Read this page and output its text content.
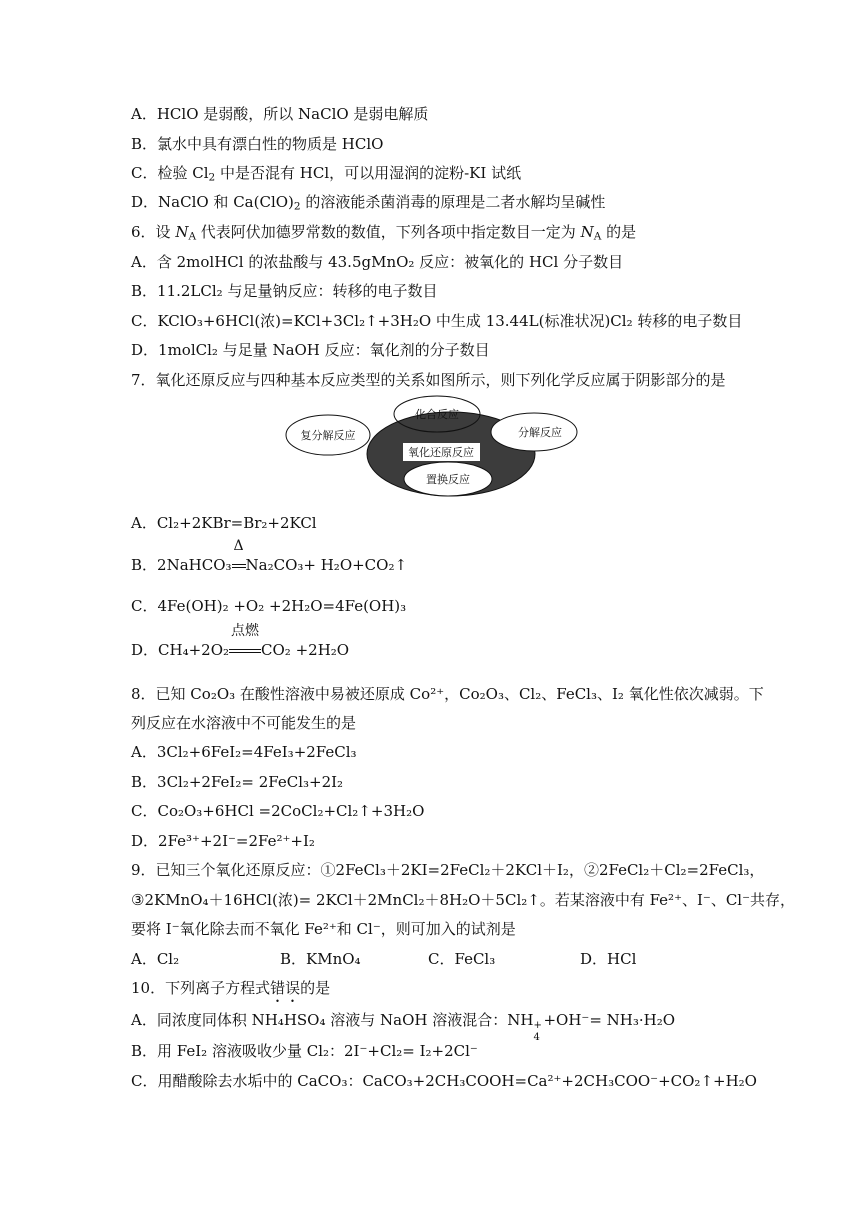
A．HClO 是弱酸，所以 NaClO 是弱电解质
B．氯水中具有漂白性的物质是 HClO
C．检验 $Cl_2$ 中是否混有 HCl，可以用湿润的淀粉-KI 试纸
D．NaClO 和 $Ca(ClO)_2$ 的溶液能杀菌消毒的原理是二者水解均呈碱性
6．设 $N_A$ 代表阿伏加德罗常数的数值，下列各项中指定数目一定为 $N_A$ 的是
A．含 2molHCl 的浓盐酸与 43.5gMnO₂ 反应：被氧化的 HCl 分子数目
B．11.2LCl₂ 与足量钠反应：转移的电子数目
C．KClO₃+6HCl(浓)=KCl+3Cl₂↑+3H₂O 中生成 13.44L(标准状况)Cl₂ 转移的电子数目
D．1molCl₂ 与足量 NaOH 反应：氧化剂的分子数目
7．氧化还原反应与四种基本反应类型的关系如图所示，则下列化学反应属于阴影部分的是
化合反应
复分解反应	分解反应
氧化还原反应
置换反应
A．Cl₂+2KBr=Br₂+2KCl
B．2NaHCO₃
Δ
Na₂CO₃+ H₂O+CO₂↑
C．4Fe(OH)₂ +O₂ +2H₂O=4Fe(OH)₃
D．CH₄+2O₂
点燃
CO₂ +2H₂O
8．已知 Co₂O₃ 在酸性溶液中易被还原成 Co²⁺，Co₂O₃、Cl₂、FeCl₃、I₂ 氧化性依次减弱。下
列反应在水溶液中不可能发生的是
A．3Cl₂+6FeI₂=4FeI₃+2FeCl₃
B．3Cl₂+2FeI₂= 2FeCl₃+2I₂
C．Co₂O₃+6HCl =2CoCl₂+Cl₂↑+3H₂O
D．2Fe³⁺+2I⁻=2Fe²⁺+I₂
9．已知三个氧化还原反应：①2FeCl₃＋2KI=2FeCl₂＋2KCl＋I₂，②2FeCl₂＋Cl₂=2FeCl₃，
③2KMnO₄＋16HCl(浓)= 2KCl＋2MnCl₂＋8H₂O＋5Cl₂↑。若某溶液中有 Fe²⁺、I⁻、Cl⁻共存，
要将 I⁻氧化除去而不氧化 Fe²⁺和 Cl⁻，则可加入的试剂是
A．Cl₂	B．KMnO₄	C．FeCl₃	D．HCl
10．下列离子方程式错误的是
A．同浓度同体积 NH₄HSO₄ 溶液与 NaOH 溶液混合：NH +
4
+OH⁻= NH₃·H₂O
B．用 FeI₂ 溶液吸收少量 Cl₂：2I⁻+Cl₂= I₂+2Cl⁻
C．用醋酸除去水垢中的 CaCO₃：CaCO₃+2CH₃COOH=Ca²⁺+2CH₃COO⁻+CO₂↑+H₂O
